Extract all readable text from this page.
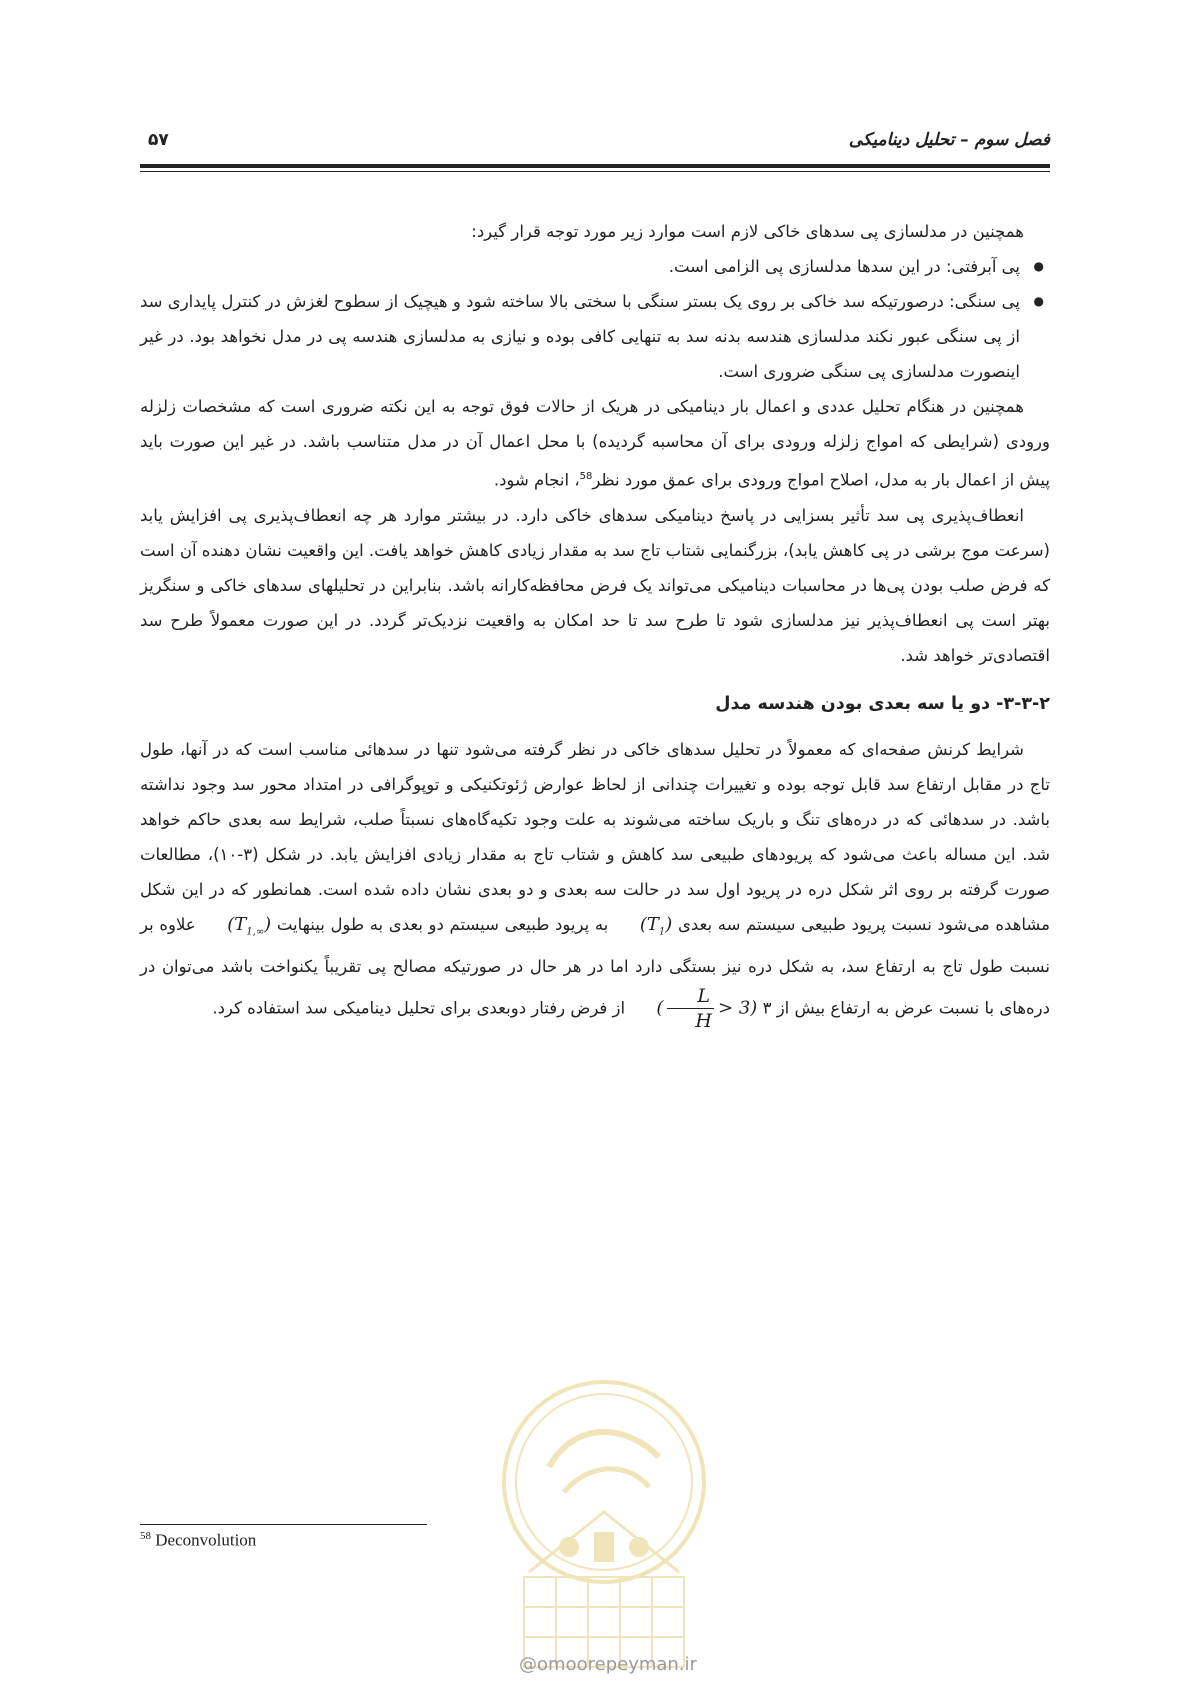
فصل سوم – تحلیل دینامیکی
۵۷

همچنین در مدلسازی پی سدهای خاکی لازم است موارد زیر مورد توجه قرار گیرد:

● پی آبرفتی: در این سدها مدلسازی پی الزامی است.
● پی سنگی: درصورتیکه سد خاکی بر روی یک بستر سنگی با سختی بالا ساخته شود و هیچیک از سطوح لغزش در کنترل پایداری سد از پی سنگی عبور نکند مدلسازی هندسه بدنه سد به تنهایی کافی بوده و نیازی به مدلسازی هندسه پی در مدل نخواهد بود. در غیر اینصورت مدلسازی پی سنگی ضروری است.

همچنین در هنگام تحلیل عددی و اعمال بار دینامیکی در هریک از حالات فوق توجه به این نکته ضروری است که مشخصات زلزله ورودی (شرایطی که امواج زلزله ورودی برای آن محاسبه گردیده) با محل اعمال آن در مدل متناسب باشد. در غیر این صورت باید پیش از اعمال بار به مدل، اصلاح امواج ورودی برای عمق مورد نظر$^{58}$، انجام شود.

انعطاف‌پذیری پی سد تأثیر بسزایی در پاسخ دینامیکی سدهای خاکی دارد. در بیشتر موارد هر چه انعطاف‌پذیری پی افزایش یابد (سرعت موج برشی در پی کاهش یابد)، بزرگنمایی شتاب تاج سد به مقدار زیادی کاهش خواهد یافت. این واقعیت نشان دهنده آن است که فرض صلب بودن پی‌ها در محاسبات دینامیکی می‌تواند یک فرض محافظه‌کارانه باشد. بنابراین در تحلیلهای سدهای خاکی و سنگریز بهتر است پی انعطاف‌پذیر نیز مدلسازی شود تا طرح سد تا حد امکان به واقعیت نزدیک‌تر گردد. در این صورت معمولاً طرح سد اقتصادی‌تر خواهد شد.

۳-۳-۲- دو یا سه بعدی بودن هندسه مدل

شرایط کرنش صفحه‌ای که معمولاً در تحلیل سدهای خاکی در نظر گرفته می‌شود تنها در سدهائی مناسب است که در آنها، طول تاج در مقابل ارتفاع سد قابل توجه بوده و تغییرات چندانی از لحاظ عوارض ژئوتکنیکی و توپوگرافی در امتداد محور سد وجود نداشته باشد. در سدهائی که در دره‌های تنگ و باریک ساخته می‌شوند به علت وجود تکیه‌گاه‌های نسبتاً صلب، شرایط سه بعدی حاکم خواهد شد. این مساله باعث می‌شود که پریودهای طبیعی سد کاهش و شتاب تاج به مقدار زیادی افزایش یابد. در شکل (۳-۱۰)، مطالعات صورت گرفته بر روی اثر شکل دره در پریود اول سد در حالت سه بعدی و دو بعدی نشان داده شده است. همانطور که در این شکل مشاهده می‌شود نسبت پریود طبیعی سیستم سه بعدی $(T_1)$ به پریود طبیعی سیستم دو بعدی به طول بینهایت $(T_{1,\infty})$ علاوه بر نسبت طول تاج به ارتفاع سد، به شکل دره نیز بستگی دارد اما در هر حال در صورتیکه مصالح پی تقریباً یکنواخت باشد می‌توان در دره‌های با نسبت عرض به ارتفاع بیش از ۳ ( $\frac{L}{H} > 3$) از فرض رفتار دوبعدی برای تحلیل دینامیکی سد استفاده کرد.

$^{58}$ Deconvolution
@omoorepeyman.ir
